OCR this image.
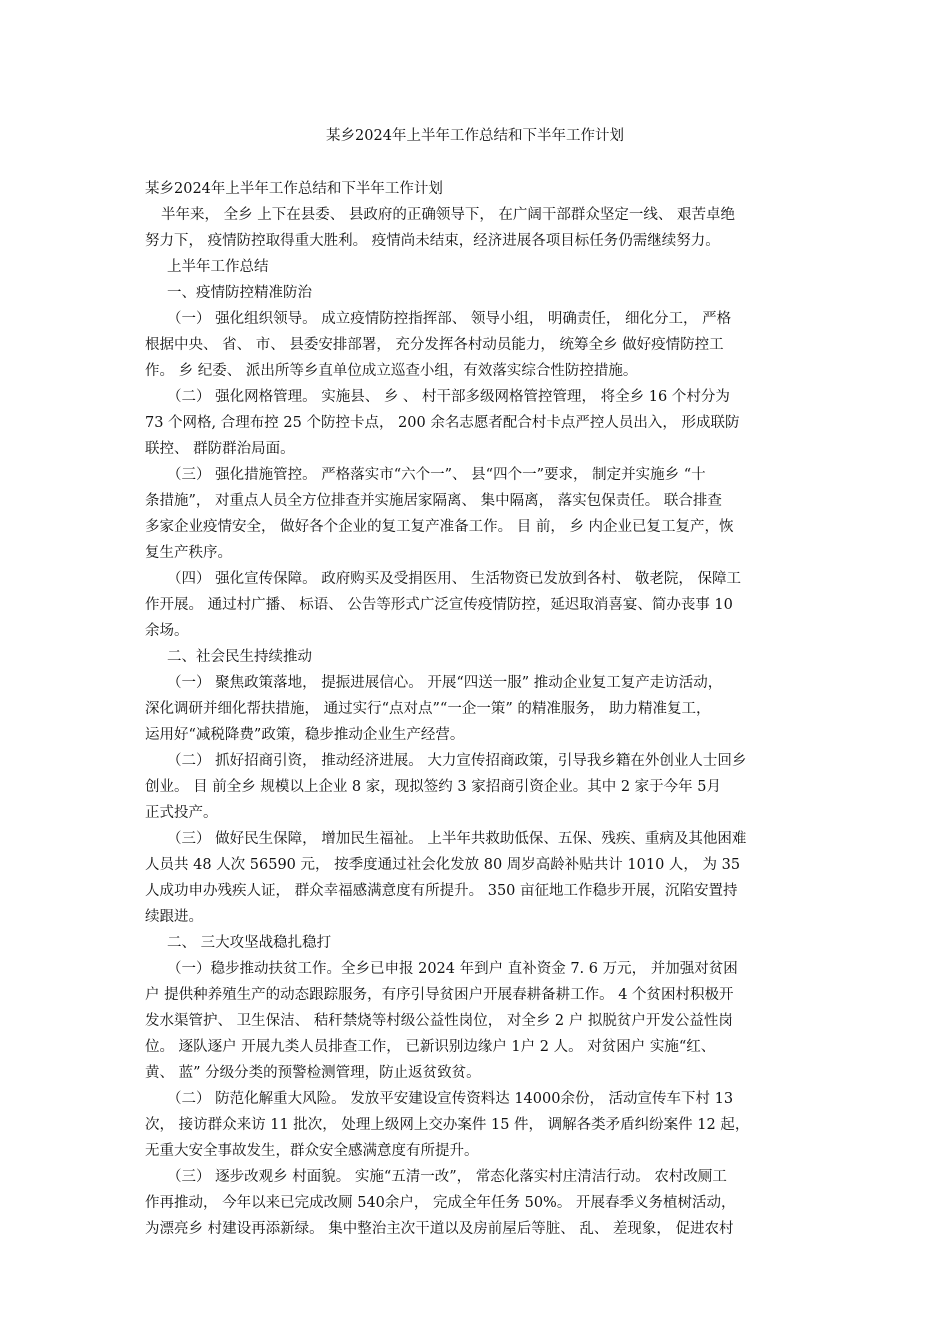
某乡2024年上半年工作总结和下半年工作计划
某乡2024年上半年工作总结和下半年工作计划
半年来， 全乡 上下在县委、 县政府的正确领导下， 在广阔干部群众坚定一线、 艰苦卓绝
努力下， 疫情防控取得重大胜利。 疫情尚未结束，经济进展各项目标任务仍需继续努力。
上半年工作总结
一、疫情防控精准防治
（一） 强化组织领导。 成立疫情防控指挥部、 领导小组， 明确责任， 细化分工， 严格
根据中央、 省、 市、 县委安排部署， 充分发挥各村动员能力， 统筹全乡 做好疫情防控工
作。 乡 纪委、 派出所等乡直单位成立巡查小组，有效落实综合性防控措施。
（二） 强化网格管理。 实施县、 乡 、 村干部多级网格管控管理， 将全乡 16 个村分为
73 个网格, 合理布控 25 个防控卡点， 200 余名志愿者配合村卡点严控人员出入， 形成联防
联控、 群防群治局面。
（三） 强化措施管控。 严格落实市“六个一”、 县“四个一”要求， 制定并实施乡 “十
条措施”， 对重点人员全方位排查并实施居家隔离、 集中隔离， 落实包保责任。 联合排查
多家企业疫情安全， 做好各个企业的复工复产准备工作。 目 前， 乡 内企业已复工复产，恢
复生产秩序。
（四） 强化宣传保障。 政府购买及受捐医用、 生活物资已发放到各村、 敬老院， 保障工
作开展。 通过村广播、 标语、 公告等形式广泛宣传疫情防控，延迟取消喜宴、简办丧事 10
余场。
二、社会民生持续推动
（一） 聚焦政策落地， 提振进展信心。 开展“四送一服” 推动企业复工复产走访活动，
深化调研并细化帮扶措施， 通过实行“点对点”“一企一策” 的精准服务， 助力精准复工，
运用好“减税降费”政策，稳步推动企业生产经营。
（二） 抓好招商引资， 推动经济进展。 大力宣传招商政策，引导我乡籍在外创业人士回乡
创业。 目 前全乡 规模以上企业 8 家，现拟签约 3 家招商引资企业。其中 2 家于今年 5月
正式投产。
（三） 做好民生保障， 增加民生福祉。 上半年共救助低保、五保、残疾、重病及其他困难
人员共 48 人次 56590 元， 按季度通过社会化发放 80 周岁高龄补贴共计 1010 人， 为 35
人成功申办残疾人证， 群众幸福感满意度有所提升。 350 亩征地工作稳步开展，沉陷安置持
续跟进。
二、 三大攻坚战稳扎稳打
（一）稳步推动扶贫工作。全乡已申报 2024 年到户 直补资金 7. 6 万元， 并加强对贫困
户 提供种养殖生产的动态跟踪服务，有序引导贫困户开展春耕备耕工作。 4 个贫困村积极开
发水渠管护、 卫生保洁、 秸秆禁烧等村级公益性岗位， 对全乡 2 户 拟脱贫户开发公益性岗
位。 逐队逐户 开展九类人员排查工作， 已新识别边缘户 1户 2 人。 对贫困户 实施“红、
黄、 蓝” 分级分类的预警检测管理，防止返贫致贫。
（二） 防范化解重大风险。 发放平安建设宣传资料达 14000余份， 活动宣传车下村 13
次， 接访群众来访 11 批次， 处理上级网上交办案件 15 件， 调解各类矛盾纠纷案件 12 起，
无重大安全事故发生，群众安全感满意度有所提升。
（三） 逐步改观乡 村面貌。 实施“五清一改”， 常态化落实村庄清洁行动。 农村改厕工
作再推动， 今年以来已完成改厕 540余户， 完成全年任务 50%。 开展春季义务植树活动，
为漂亮乡 村建设再添新绿。 集中整治主次干道以及房前屋后等脏、 乱、 差现象， 促进农村
